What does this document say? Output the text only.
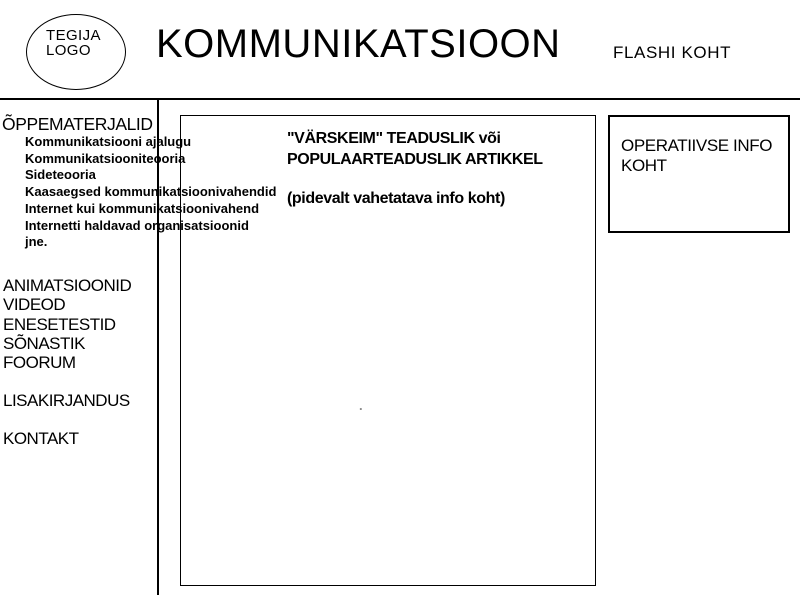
TEGIJA
LOGO KOMMUNIKATSIOON	FLASHI KOHT
ÕPPEMATERJALID
Kommunikatsiooni ajalugu
Kommunikatsiooniteooria
Sideteooria
Kaasaegsed kommunikatsioonivahendid
Internet kui kommunikatsioonivahend
Internetti haldavad organisatsioonid
jne.
ANIMATSIOONID
VIDEOD
ENESETESTID
SÕNASTIK
FOORUM
LISAKIRJANDUS
KONTAKT
"VÄRSKEIM" TEADUSLIK või
POPULAARTEADUSLIK ARTIKKEL
(pidevalt vahetatava info koht)
.
OPERATIIVSE INFO KOHT
